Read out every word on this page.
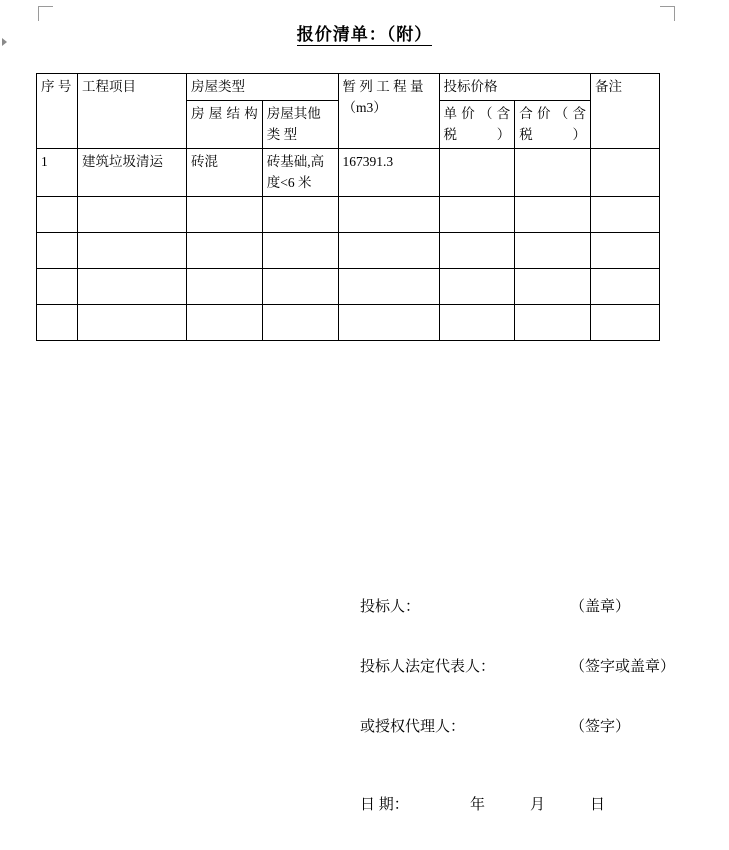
报价清单：（附）
序 号	工程项目	房屋类型		暂 列 工 程 量（m3）	投标价格		备注
		房 屋 结 构	房屋其他类 型		单 价 （ 含 税）	合 价 （ 含 税）	
1	建筑垃圾清运	砖混	砖基础,高度<6 米	167391.3			

投标人：	（盖章）
投标人法定代表人：	（签字或盖章）
或授权代理人：	（签字）
日 期：	年	月	日
